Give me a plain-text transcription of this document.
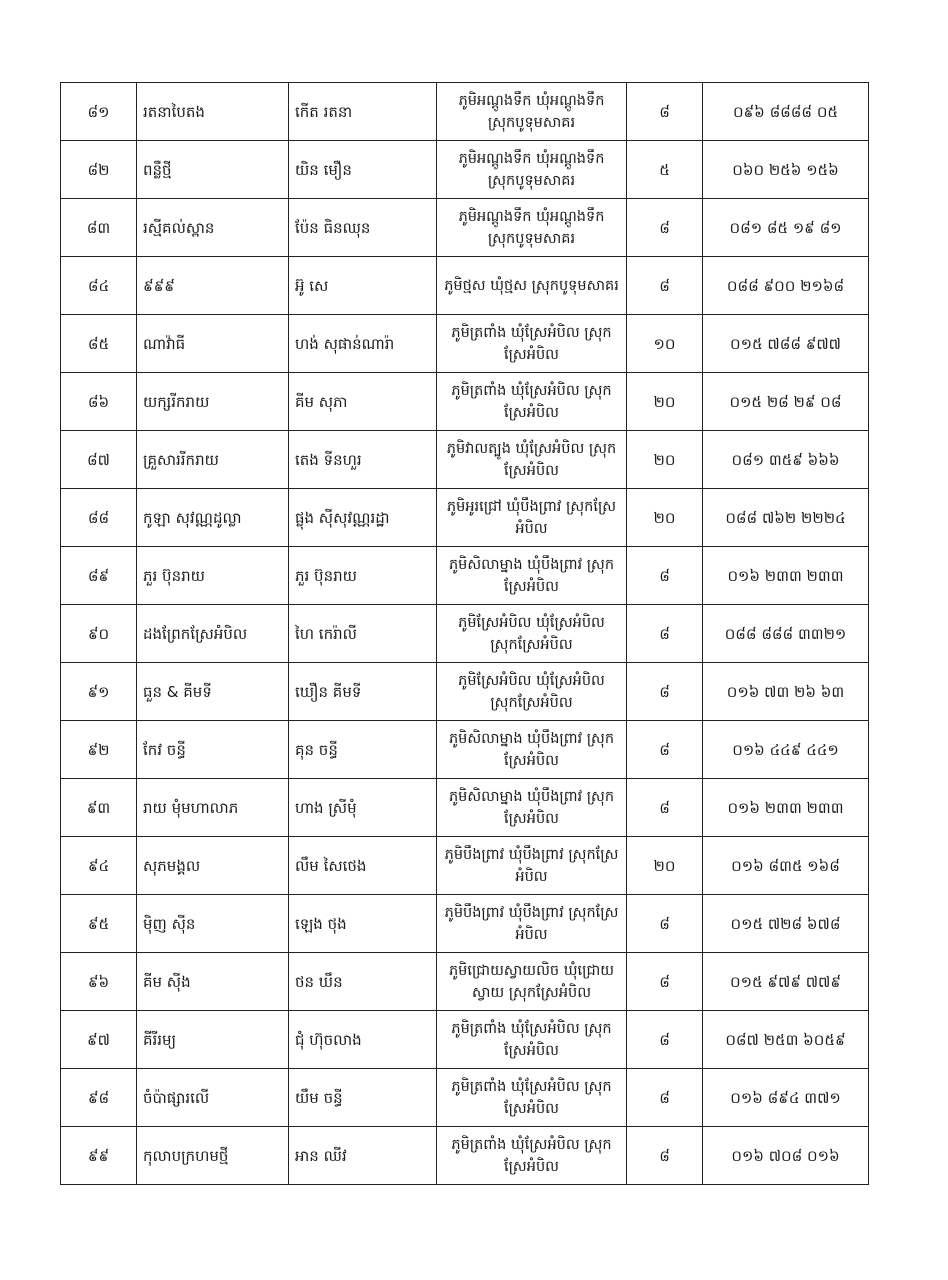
៨១	រតនាបៃតង	កើត រតនា	ភូមិអណ្តូងទឹក ឃុំអណ្តូងទឹក ស្រុកបូទុមសាគរ	៨	០៩៦ ៨៨៨៨ ០៥
៨២	ពន្លឺថ្មី	យិន មឿន	ភូមិអណ្តូងទឹក ឃុំអណ្តូងទឹក ស្រុកបូទុមសាគរ	៥	០៦០ ២៥៦ ១៥៦
៨៣	រស្មីគល់ស្ពាន	ប៉ែន ធិនឈុន	ភូមិអណ្តូងទឹក ឃុំអណ្តូងទឹក ស្រុកបូទុមសាគរ	៨	០៨១ ៨៥ ១៩ ៨១
៨៤	៩៩៩	អ៊ូ សេ	ភូមិថ្មស ឃុំថ្មស ស្រុកបូទុមសាគរ	៨	០៨៨ ៩០០ ២១៦៨
៨៥	ណាវ៉ាធី	ហង់ សុផាន់ណារ៉ា	ភូមិត្រពាំង ឃុំស្រែអំបិល ស្រុកស្រែអំបិល	១០	០១៥ ៧៨៨ ៩៧៧
៨៦	យក្សរីករាយ	គីម សុភា	ភូមិត្រពាំង ឃុំស្រែអំបិល ស្រុកស្រែអំបិល	២០	០១៥ ២៨ ២៩ ០៨
៨៧	គ្រួសាររីករាយ	តេង ទីនហួរ	ភូមិវាលត្បូង ឃុំស្រែអំបិល ស្រុកស្រែអំបិល	២០	០៨១ ៣៥៩ ៦៦៦
៨៨	កូឡា សុវណ្ណដូល្លា	ផ្លុង ស៊ីសុវណ្ណរដ្ឋា	ភូមិអូរជ្រៅ ឃុំបឹងព្រាវ ស្រុកស្រែអំបិល	២០	០៨៨ ៧៦២ ២២២៤
៨៩	ភួរ ប៊ុនរាយ	ភួរ ប៊ុនរាយ	ភូមិសិលាម្នាង ឃុំបឹងព្រាវ ស្រុកស្រែអំបិល	៨	០១៦ ២៣៣ ២៣៣
៩០	ដងព្រែកស្រែអំបិល	ហៃ កេរ៉ាលី	ភូមិស្រែអំបិល ឃុំស្រែអំបិល ស្រុកស្រែអំបិល	៨	០៨៨ ៨៨៨ ៣៣២១
៩១	ធួន & គីមទី	ឃឿន គីមទី	ភូមិស្រែអំបិល ឃុំស្រែអំបិល ស្រុកស្រែអំបិល	៨	០១៦ ៧៣ ២៦ ៦៣
៩២	កែវ ចន្ធី	គុន ចន្ធី	ភូមិសិលាម្នាង ឃុំបឹងព្រាវ ស្រុកស្រែអំបិល	៨	០១៦ ៤៤៩ ៤៤១
៩៣	រាយ មុំមហាលាភ	ហាង ស្រីមុំ	ភូមិសិលាម្នាង ឃុំបឹងព្រាវ ស្រុកស្រែអំបិល	៨	០១៦ ២៣៣ ២៣៣
៩៤	សុភមង្គល	លឹម សៃថេង	ភូមិបឹងព្រាវ ឃុំបឹងព្រាវ ស្រុកស្រែអំបិល	២០	០១៦ ៨៣៥ ១៦៨
៩៥	ម៉ិញ ស៊ីន	ឡេង ថុង	ភូមិបឹងព្រាវ ឃុំបឹងព្រាវ ស្រុកស្រែអំបិល	៨	០១៥ ៧២៨ ៦៧៨
៩៦	គីម ស៊ីង	ថន ឃឹន	ភូមិជ្រោយស្វាយលិច ឃុំជ្រោយស្វាយ ស្រុកស្រែអំបិល	៨	០១៥ ៩៧៩ ៧៧៩
៩៧	គីរីរម្យ	ជុំ ហ៊ុចលាង	ភូមិត្រពាំង ឃុំស្រែអំបិល ស្រុកស្រែអំបិល	៨	០៨៧ ២៥៣ ៦០៥៩
៩៨	ចំប៉ាផ្សារលើ	យឹម ចន្ធី	ភូមិត្រពាំង ឃុំស្រែអំបិល ស្រុកស្រែអំបិល	៨	០១៦ ៨៩៤ ៣៧១
៩៩	កុលាបក្រហមថ្មី	អាន ឈីវ	ភូមិត្រពាំង ឃុំស្រែអំបិល ស្រុកស្រែអំបិល	៨	០១៦ ៧០៨ ០១៦
